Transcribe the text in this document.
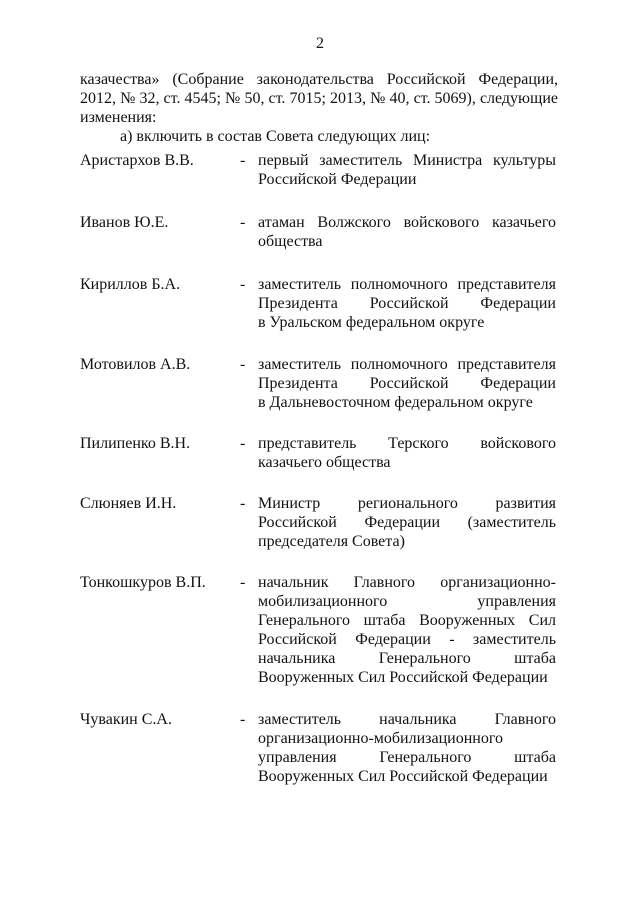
2
казачества» (Собрание законодательства Российской Федерации,
2012, № 32, ст. 4545; № 50, ст. 7015; 2013, № 40, ст. 5069), следующие
изменения:
а) включить в состав Совета следующих лиц:
Аристархов В.В.	- первый заместитель Министра культуры
Российской Федерации
Иванов Ю.Е.	- атаман Волжского войскового казачьего
общества
Кириллов Б.А.	- заместитель полномочного представителя
Президента Российской Федерации
в Уральском федеральном округе
Мотовилов А.В.	- заместитель полномочного представителя
Президента Российской Федерации
в Дальневосточном федеральном округе
Пилипенко В.Н.	- представитель Терского войскового
казачьего общества
Слюняев И.Н.	- Министр регионального развития
Российской Федерации (заместитель
председателя Совета)
Тонкошкуров В.П.	- начальник Главного организационно-
мобилизационного управления
Генерального штаба Вооруженных Сил
Российской Федерации - заместитель
начальника Генерального штаба
Вооруженных Сил Российской Федерации
Чувакин С.А.	- заместитель начальника Главного
организационно-мобилизационного
управления Генерального штаба
Вооруженных Сил Российской Федерации
